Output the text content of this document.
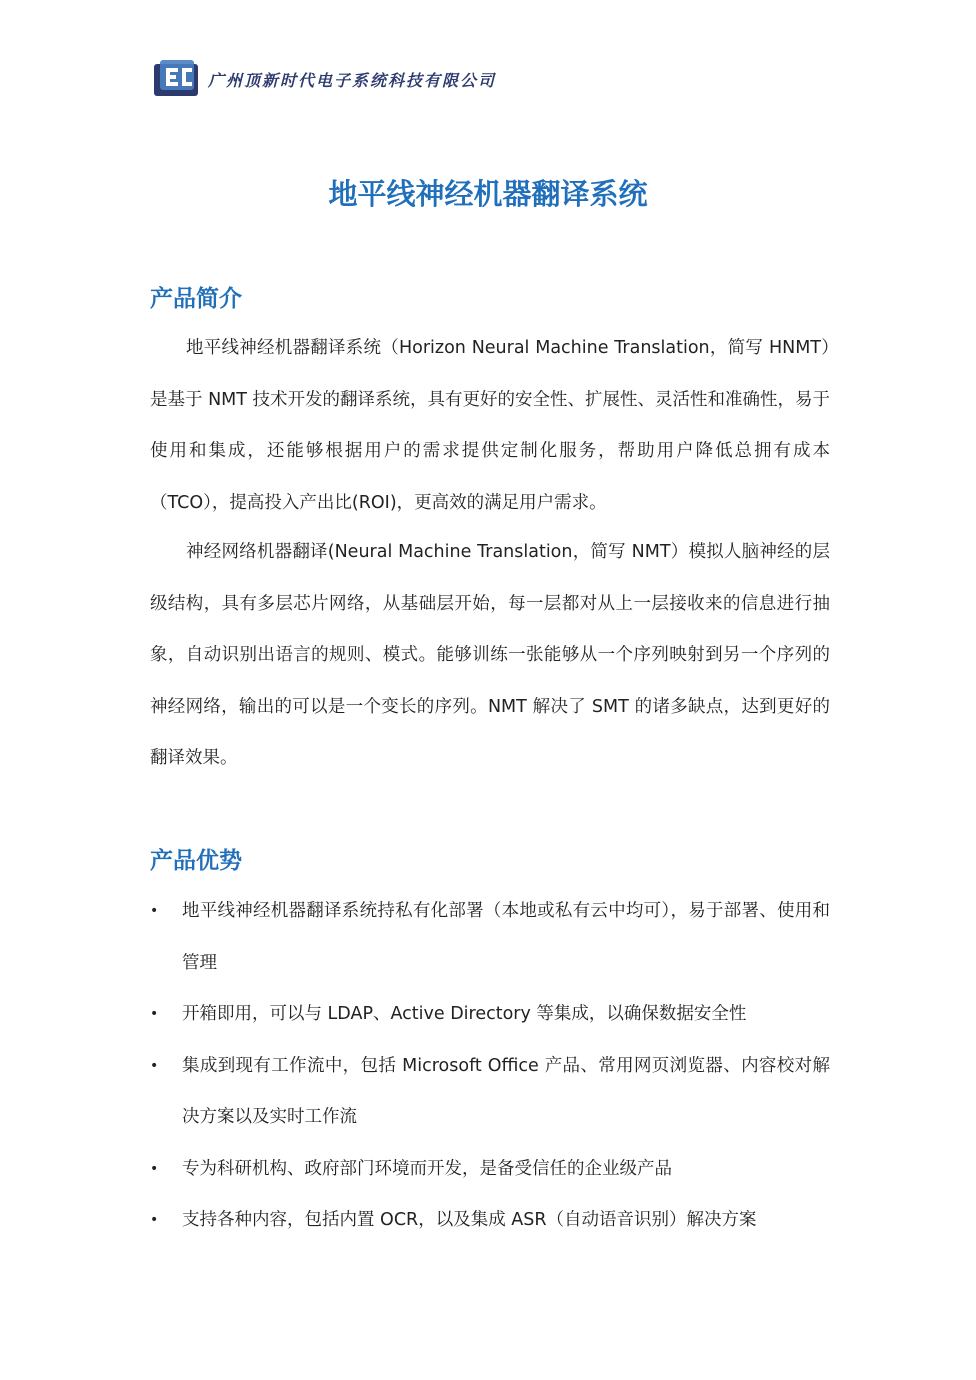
广州顶新时代电子系统科技有限公司
地平线神经机器翻译系统
产品简介

地平线神经机器翻译系统（Horizon Neural Machine Translation，简写 HNMT）是基于 NMT 技术开发的翻译系统，具有更好的安全性、扩展性、灵活性和准确性，易于使用和集成，还能够根据用户的需求提供定制化服务，帮助用户降低总拥有成本（TCO），提高投入产出比(ROI)，更高效的满足用户需求。

神经网络机器翻译(Neural Machine Translation，简写 NMT）模拟人脑神经的层级结构，具有多层芯片网络，从基础层开始，每一层都对从上一层接收来的信息进行抽象，自动识别出语言的规则、模式。能够训练一张能够从一个序列映射到另一个序列的神经网络，输出的可以是一个变长的序列。NMT 解决了 SMT 的诸多缺点，达到更好的翻译效果。

产品优势
• 地平线神经机器翻译系统持私有化部署（本地或私有云中均可），易于部署、使用和管理
• 开箱即用，可以与 LDAP、Active Directory 等集成，以确保数据安全性
• 集成到现有工作流中，包括 Microsoft Office 产品、常用网页浏览器、内容校对解决方案以及实时工作流
• 专为科研机构、政府部门环境而开发，是备受信任的企业级产品
• 支持各种内容，包括内置 OCR，以及集成 ASR（自动语音识别）解决方案
